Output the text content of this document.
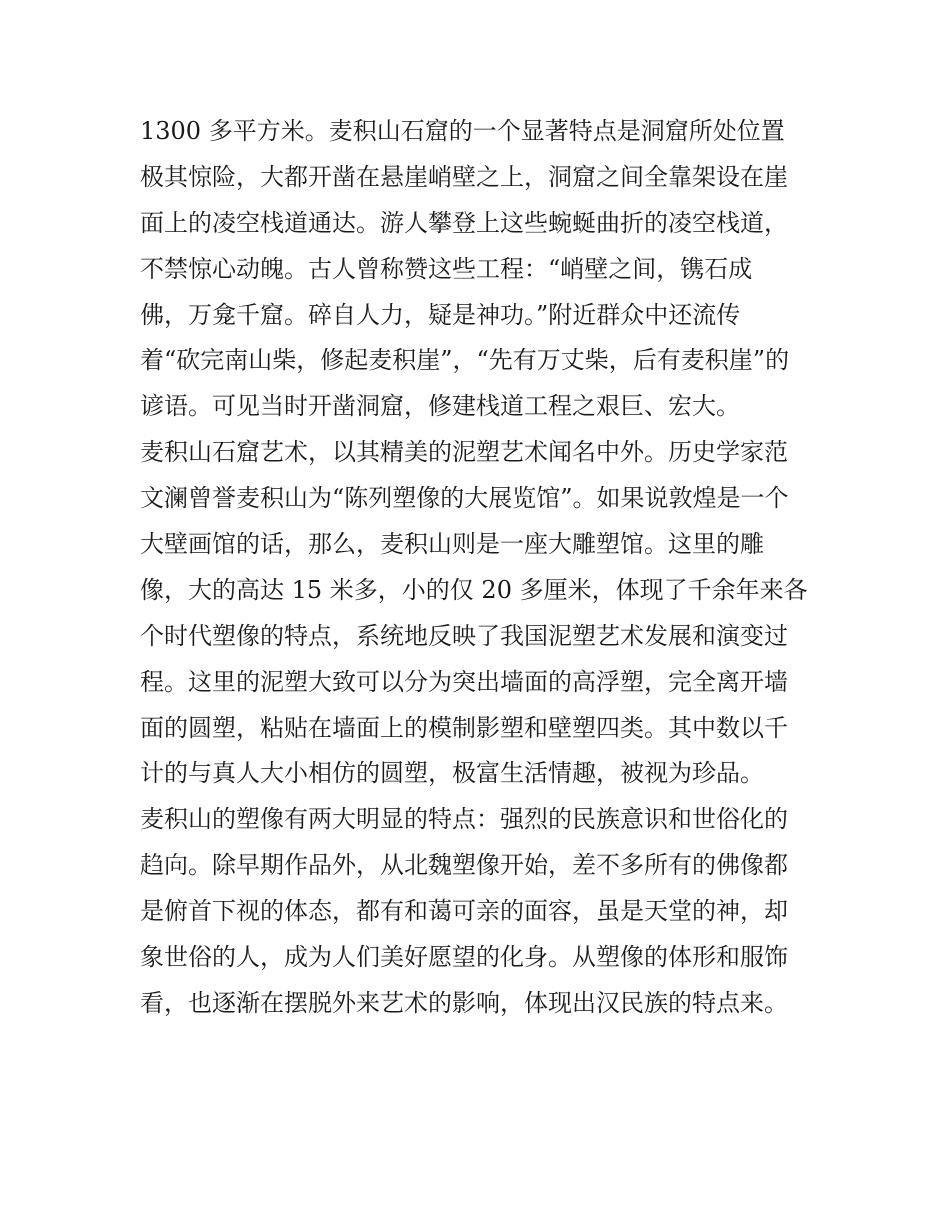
1300 多平方米。麦积山石窟的一个显著特点是洞窟所处位置
极其惊险，大都开凿在悬崖峭壁之上，洞窟之间全靠架设在崖
面上的凌空栈道通达。游人攀登上这些蜿蜒曲折的凌空栈道，
不禁惊心动魄。古人曾称赞这些工程：“峭壁之间，镌石成
佛，万龛千窟。碎自人力，疑是神功。”附近群众中还流传
着“砍完南山柴，修起麦积崖”，“先有万丈柴，后有麦积崖”的
谚语。可见当时开凿洞窟，修建栈道工程之艰巨、宏大。
麦积山石窟艺术，以其精美的泥塑艺术闻名中外。历史学家范
文澜曾誉麦积山为“陈列塑像的大展览馆”。如果说敦煌是一个
大壁画馆的话，那么，麦积山则是一座大雕塑馆。这里的雕
像，大的高达 15 米多，小的仅 20 多厘米，体现了千余年来各
个时代塑像的特点，系统地反映了我国泥塑艺术发展和演变过
程。这里的泥塑大致可以分为突出墙面的高浮塑，完全离开墙
面的圆塑，粘贴在墙面上的模制影塑和壁塑四类。其中数以千
计的与真人大小相仿的圆塑，极富生活情趣，被视为珍品。
麦积山的塑像有两大明显的特点：强烈的民族意识和世俗化的
趋向。除早期作品外，从北魏塑像开始，差不多所有的佛像都
是俯首下视的体态，都有和蔼可亲的面容，虽是天堂的神，却
象世俗的人，成为人们美好愿望的化身。从塑像的体形和服饰
看，也逐渐在摆脱外来艺术的影响，体现出汉民族的特点来。
